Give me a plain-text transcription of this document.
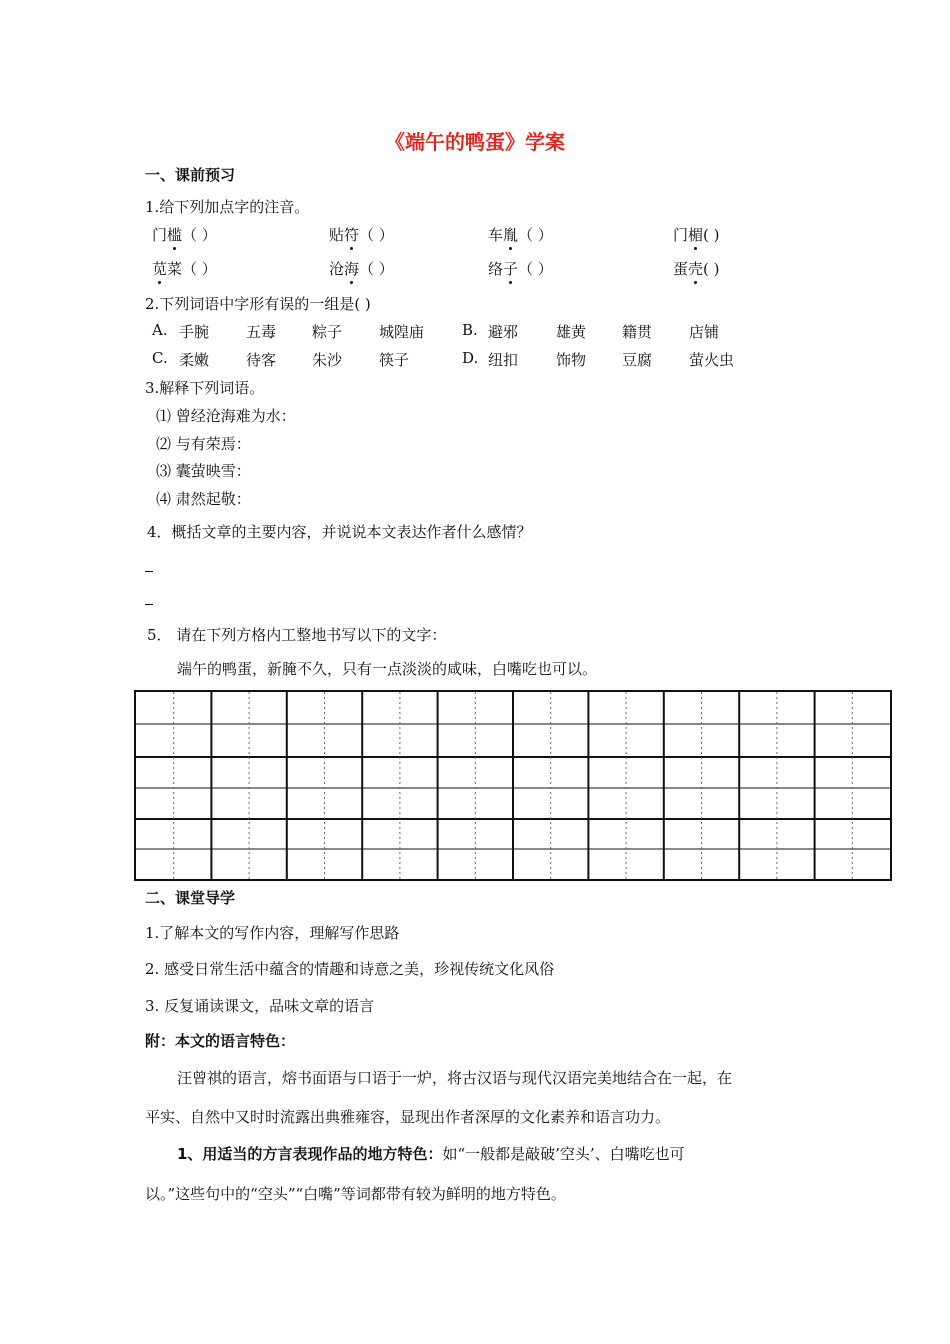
《端午的鸭蛋》学案
一、课前预习
1.给下列加点字的注音。
门槛（ ）	贴符（ ）	车胤（ ）	门楣( )
苋菜（ ）	沧海（ ）	络子（ ）	蛋壳( )
2.下列词语中字形有误的一组是( )
A. 手腕 五毒 粽子 城隍庙	B. 避邪	雄黄 籍贯 店铺
C. 柔嫩 待客 朱沙 筷子	D. 纽扣	饰物 豆腐 萤火虫
3.解释下列词语。
⑴ 曾经沧海难为水：
⑵ 与有荣焉：
⑶ 囊萤映雪：
⑷ 肃然起敬：
4．概括文章的主要内容，并说说本文表达作者什么感情？
5． 请在下列方格内工整地书写以下的文字：
端午的鸭蛋，新腌不久，只有一点淡淡的咸味，白嘴吃也可以。
二、课堂导学
1.了解本文的写作内容，理解写作思路
2. 感受日常生活中蕴含的情趣和诗意之美，珍视传统文化风俗
3. 反复诵读课文，品味文章的语言
附：本文的语言特色：
汪曾祺的语言，熔书面语与口语于一炉，将古汉语与现代汉语完美地结合在一起，在
平实、自然中又时时流露出典雅雍容，显现出作者深厚的文化素养和语言功力。
1、用适当的方言表现作品的地方特色：如“一般都是敲破’空头’、白嘴吃也可
以。”这些句中的“空头”“白嘴”等词都带有较为鲜明的地方特色。
